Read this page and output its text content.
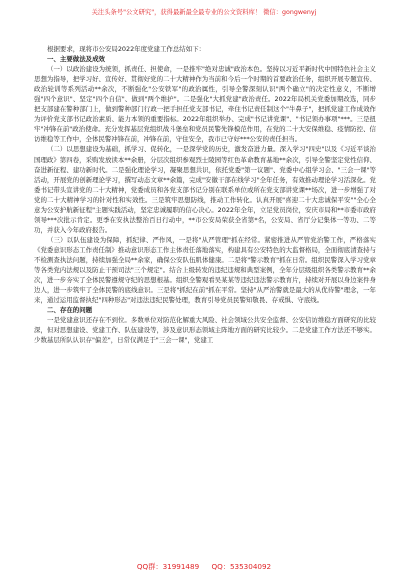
关注头条号"公文研究"，获得最新最全最专业的公文资料库！ 微信：gongwenyj

根据要求，现将市公安局2022年度党建工作总结如下：

一、主要做法及成效

（一）以政治建设为统领，抓责任、担使命，一是推牢"绝对忠诚"政治本色。坚持以习近平新时代中国特色社会主义思想为指导，把学习好、宣传好、贯彻好党的二十大精神作为当前和今后一个时期的首要政治任务，组织开展专题宣传、政治轮训等系列活动**余次，不断强化"公安铁军"的政治属性，引导全警深刻认识"两个确立"的决定性意义，不断增强"四个意识"、坚定"四个自信"、做到"两个维护"。二是强化"大抓党建"政治责任。2022年局机关党委加期改选，同步把支部建在警种部门上，做到警种部门行政一把手担任党支部书记，牵住书记责任制这个"牛鼻子"，把抓党建工作成效作为评价党支部书记政治素质、能力本领的重要指标。2022年组织举办、完成"书记讲党课"、"书记领办事项"***。三是扭牢"冲锋在前"政治使命。充分发挥基层党组织战斗堡垒和党员民警先锋模范作用，在党的二十大安保维稳、疫情防控、信访维稳等工作中，全体民警冲锋在前，冲锋在前，守住安全，我市已守好***公安的责任担当。

（二）以思想建设为基础，抓学习、促转化，一是深学党的历史，激发奋进力量。深入学习"四史"以及《习近平谈治国理政》第四卷，采购发放读本**余册，分层次组织参观烈士陵园等红色革命教育基地**余次，引导全警坚定党性信仰、奋进新征程、建功新时代。二是强化理论学习，凝聚思想共识，依托党委"第一议题"、党委中心组学习会、"三会一课"等活动，开展党的创新理论学习，撰写动态文章**余篇，完成"安徽干部在线学习"全年任务，有效推动理论学习活深化。党委书记带头宣讲党的二十大精神，党委成员和各党支部书记分别在联系单位或所在党支部讲党课**场次，进一步增强了对党的二十大精神学习的针对性和实效性。三是筑牢思想防线，推动工作转化。认真开展"喜迎二十大忠诚保平安""全心全意为公安护航新征程"主题实践活动，坚定忠诚履职的信心决心。2022年全年，立足党员岗位，安庆市局和**市委市政府领导***次批示肯定。更季在安执法整治百日行动中，**市公安局荣获全省第*名，公安局、省厅分记集体一等功、二等功，并获入今年政府报告。

（三）以队伍建设为保障，抓纪律、严作风，一是将"从严管理"抓在经常。紧密推进从严管党治警工作，严格落实《党委意识形态工作责任制》推动意识形态工作主体责任落地落实，构建具有公安特色的大监督格局，全面彻底清查持与不检测查执法问题，持续加强全局**余家，确保公安队伍肌体健康。二是将"警示教育"抓在日常。组织民警深入学习党章等各类党内法规以及防止干预司法"三个规定"。结合上级转发的违纪违规和典型案例，全年分层级组织各类警示教育**余次，进一步夯实了全体民警遵规守纪的思想根基。组织全警观看吴某某等违纪违法警示教育片，持续对开展以身边案件身边人，进一步筑牢了全体民警的底线意识。三是将"抓纪在前"抓在平常。坚持"从严治警就是最大的从优待警"理念，一年来，通过运用监督执纪"四种形态"对违法违纪民警处理，教育引导党员民警知敬畏、存戒惧、守底线。

二、存在的问题

一是党建意识还存在不到位。多数单位对防范化解重大风险、社会领域公共安全监督、公安信访维稳方面研究的比较深，但对思想建设、党建工作、队伍建设等，涉及意识形态领域主阵地方面的研究比较少。二是党建工作方法还不够实。少数基层所队认识存"偏差"，日常仅满足于"三会一课"，党建工

QQ群：31991489 QQ：535304092
